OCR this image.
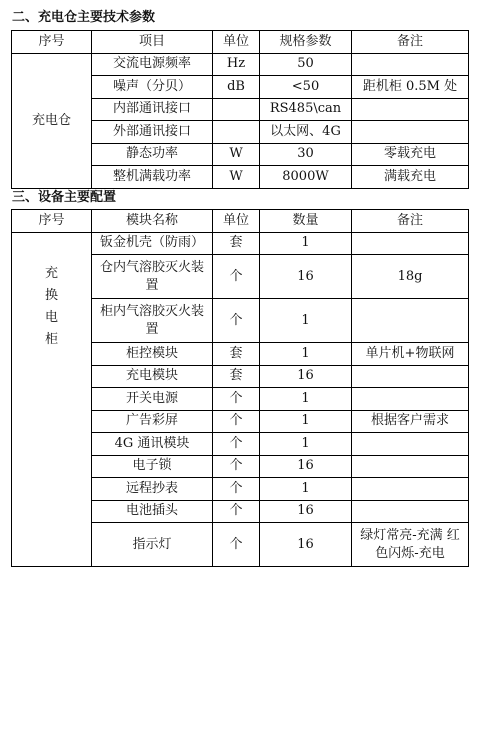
二、充电仓主要技术参数
序号	项目	单位	规格参数	备注
充电仓	交流电源频率	Hz	50	
	噪声（分贝）	dB	<50	距机柜 0.5M 处
	内部通讯接口		RS485\can	
	外部通讯接口		以太网、4G	
	静态功率	W	30	零载充电
	整机满载功率	W	8000W	满载充电
三、设备主要配置
序号	模块名称	单位	数量	备注

充
换
电
柜	钣金机壳（防雨）	套	1	
	仓内气溶胶灭火装置	个	16	18g
	柜内气溶胶灭火装置	个	1	
	柜控模块	套	1	单片机+物联网
	充电模块	套	16	
	开关电源	个	1	
	广告彩屏	个	1	根据客户需求
	4G 通讯模块	个	1	
	电子锁	个	16	
	远程抄表	个	1	
	电池插头	个	16	
	指示灯	个	16	绿灯常亮-充满 红色闪烁-充电
